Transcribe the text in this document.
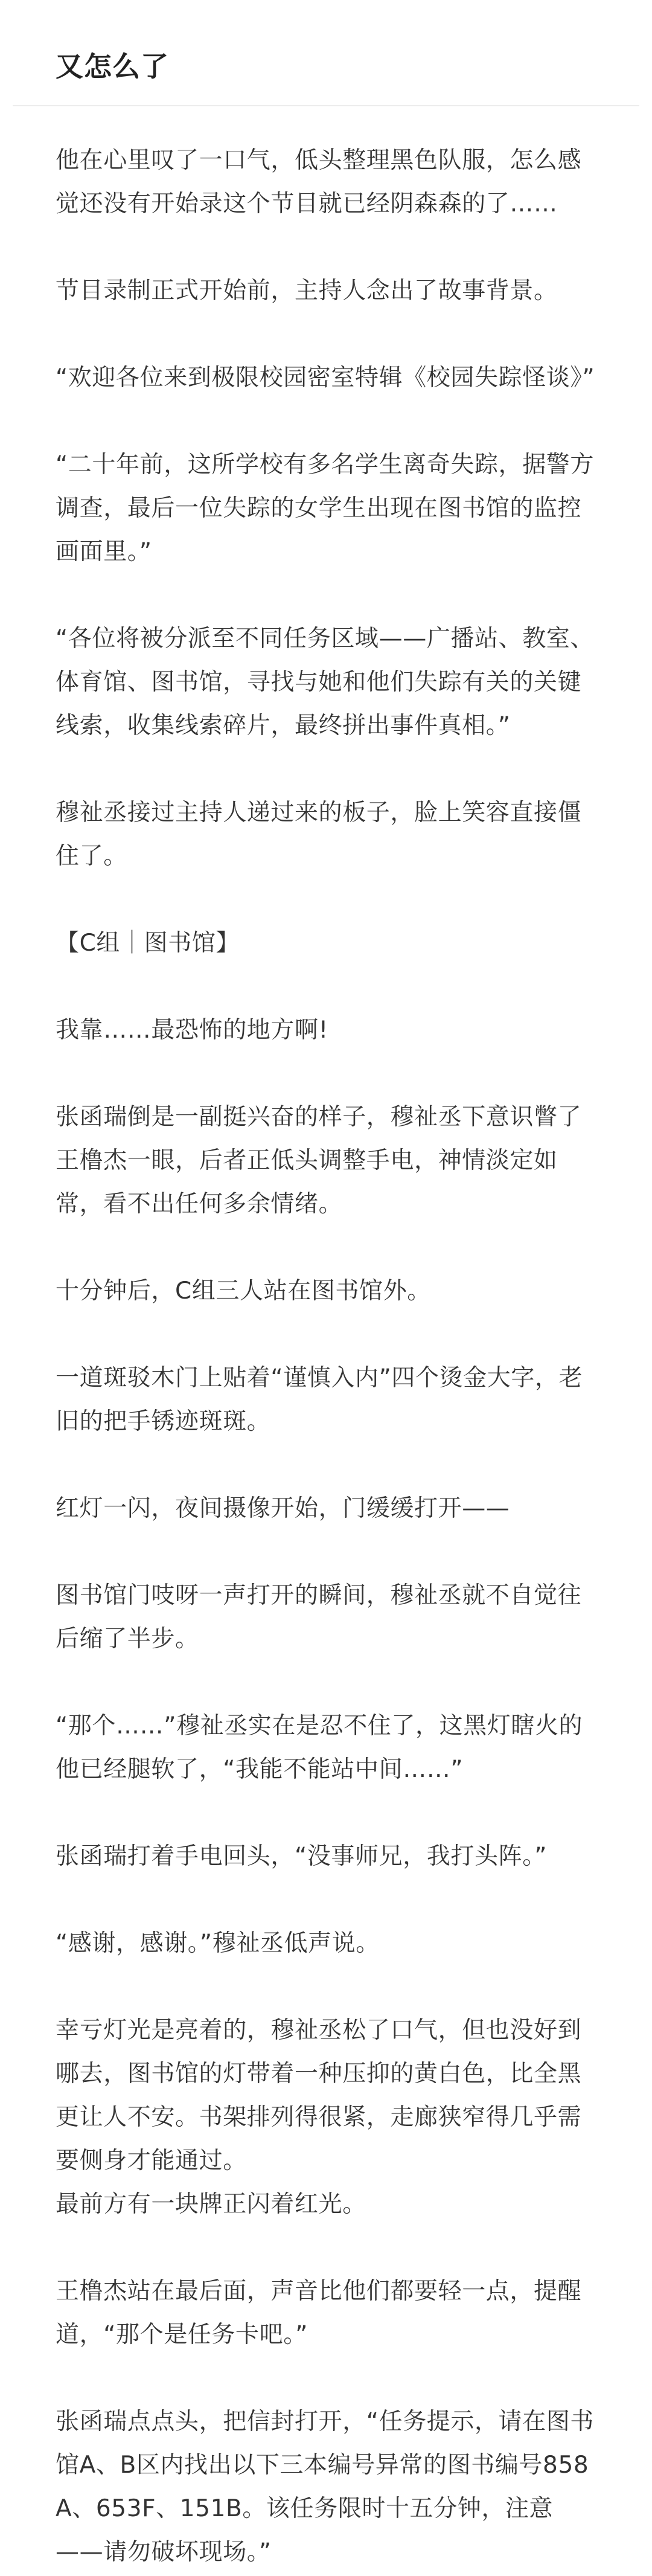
又怎么了

他在心里叹了一口气，低头整理黑色队服，怎么感觉还没有开始录这个节目就已经阴森森的了……

节目录制正式开始前，主持人念出了故事背景。

“欢迎各位来到极限校园密室特辑《校园失踪怪谈》”

“二十年前，这所学校有多名学生离奇失踪，据警方调查，最后一位失踪的女学生出现在图书馆的监控画面里。”

“各位将被分派至不同任务区域——广播站、教室、体育馆、图书馆，寻找与她和他们失踪有关的关键线索，收集线索碎片，最终拼出事件真相。”

穆祉丞接过主持人递过来的板子，脸上笑容直接僵住了。

【C组｜图书馆】

我靠……最恐怖的地方啊!

张函瑞倒是一副挺兴奋的样子，穆祉丞下意识瞥了王橹杰一眼，后者正低头调整手电，神情淡定如常，看不出任何多余情绪。

十分钟后，C组三人站在图书馆外。

一道斑驳木门上贴着“谨慎入内”四个烫金大字，老旧的把手锈迹斑斑。

红灯一闪，夜间摄像开始，门缓缓打开——

图书馆门吱呀一声打开的瞬间，穆祉丞就不自觉往后缩了半步。

“那个……”穆祉丞实在是忍不住了，这黑灯瞎火的他已经腿软了，“我能不能站中间……”

张函瑞打着手电回头，“没事师兄，我打头阵。”

“感谢，感谢。”穆祉丞低声说。

幸亏灯光是亮着的，穆祉丞松了口气，但也没好到哪去，图书馆的灯带着一种压抑的黄白色，比全黑更让人不安。书架排列得很紧，走廊狭窄得几乎需要侧身才能通过。

最前方有一块牌正闪着红光。

王橹杰站在最后面，声音比他们都要轻一点，提醒道，“那个是任务卡吧。”

张函瑞点点头，把信封打开，“任务提示，请在图书馆A、B区内找出以下三本编号异常的图书编号858A、653F、151B。该任务限时十五分钟，注意——请勿破坏现场。”
